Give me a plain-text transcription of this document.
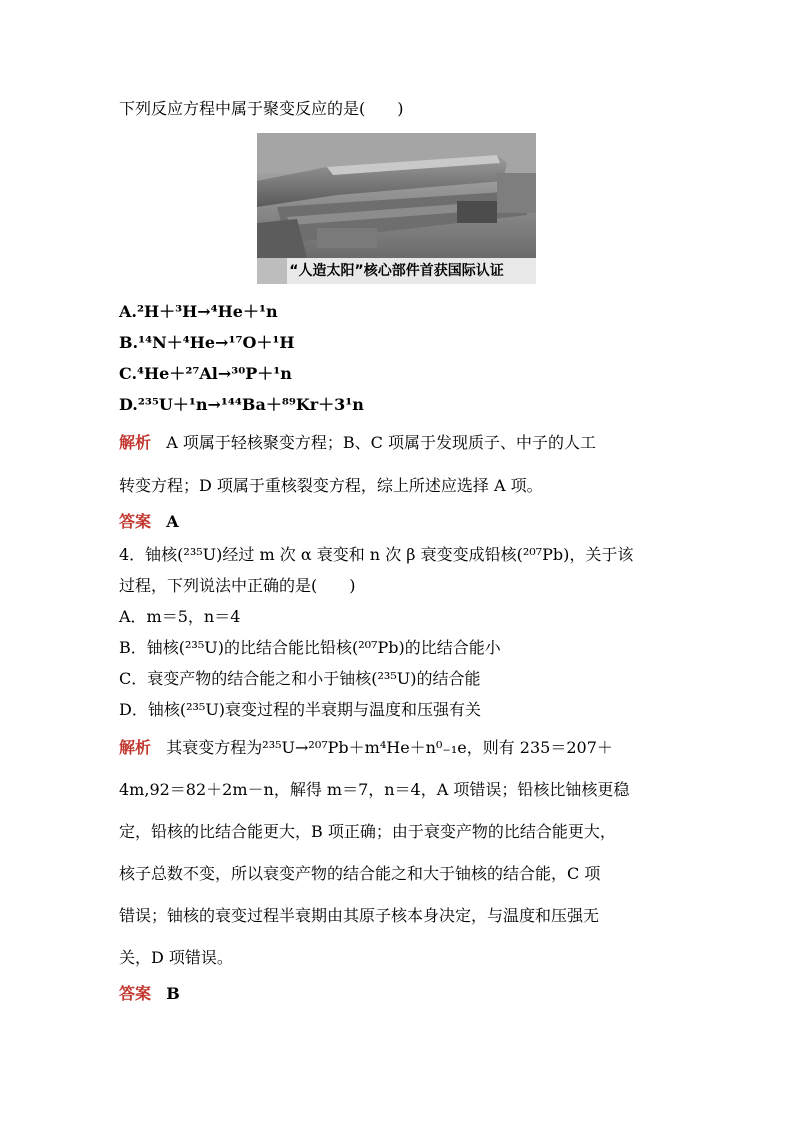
下列反应方程中属于聚变反应的是(　　)
“人造太阳”核心部件首获国际认证
A.²H＋³H→⁴He＋¹n
B.¹⁴N＋⁴He→¹⁷O＋¹H
C.⁴He＋²⁷Al→³⁰P＋¹n
D.²³⁵U＋¹n→¹⁴⁴Ba＋⁸⁹Kr＋3¹n
解析 A 项属于轻核聚变方程；B、C 项属于发现质子、中子的人工
转变方程；D 项属于重核裂变方程，综上所述应选择 A 项。
答案 A
4．铀核(²³⁵U)经过 m 次 α 衰变和 n 次 β 衰变变成铅核(²⁰⁷Pb)，关于该
过程，下列说法中正确的是(　　)
A．m＝5，n＝4
B．铀核(²³⁵U)的比结合能比铅核(²⁰⁷Pb)的比结合能小
C．衰变产物的结合能之和小于铀核(²³⁵U)的结合能
D．铀核(²³⁵U)衰变过程的半衰期与温度和压强有关
解析 其衰变方程为²³⁵U→²⁰⁷Pb＋m⁴He＋n⁰₋₁e，则有 235＝207＋
4m,92＝82＋2m－n，解得 m＝7，n＝4，A 项错误；铅核比铀核更稳
定，铅核的比结合能更大，B 项正确；由于衰变产物的比结合能更大，
核子总数不变，所以衰变产物的结合能之和大于铀核的结合能，C 项
错误；铀核的衰变过程半衰期由其原子核本身决定，与温度和压强无
关，D 项错误。
答案 B
